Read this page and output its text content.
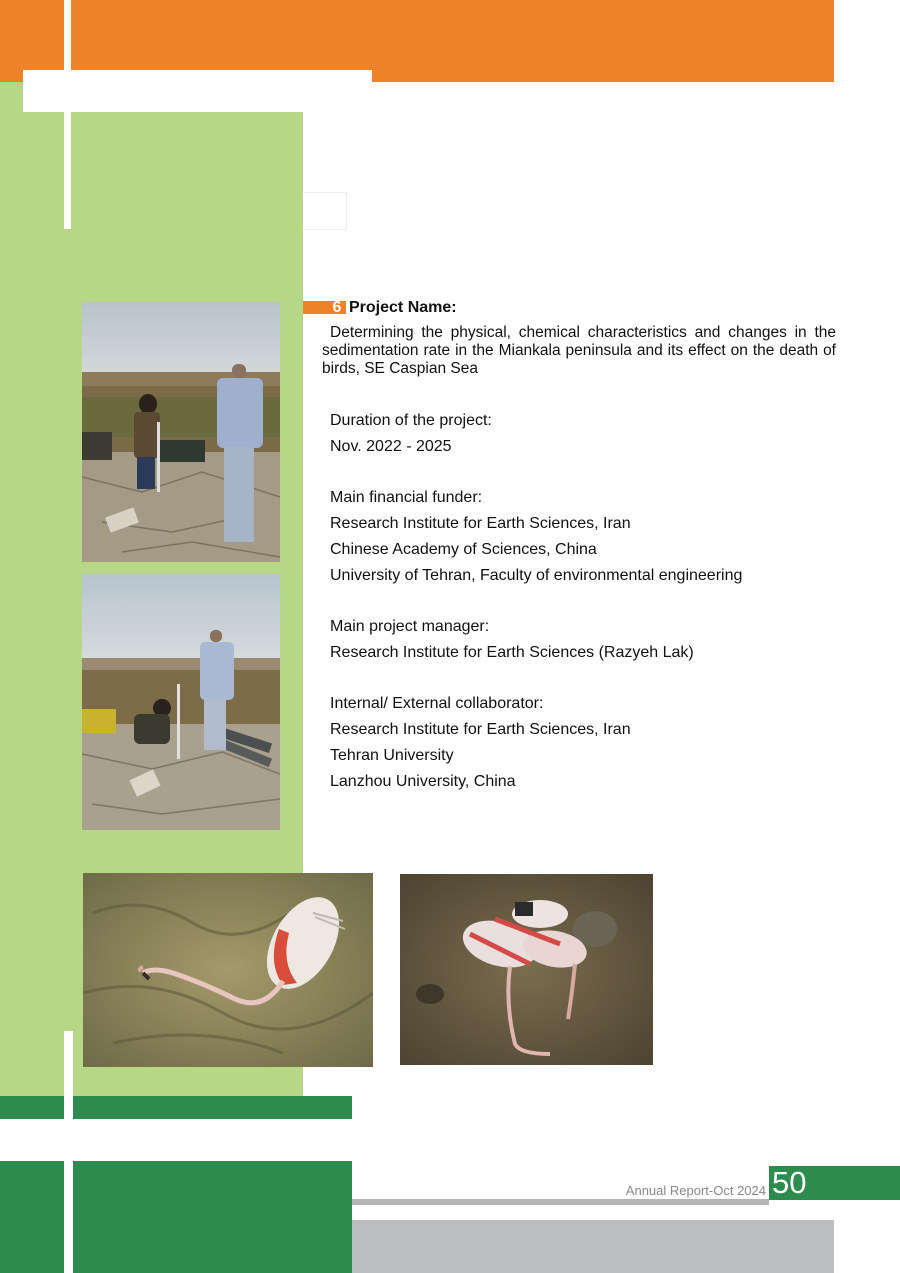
6 Project Name:
Determining the physical, chemical characteristics and changes in the sedimentation rate in the Miankala peninsula and its effect on the death of birds, SE Caspian Sea
Duration of the project:
Nov. 2022 - 2025
Main financial funder:
Research Institute for Earth Sciences, Iran
Chinese Academy of Sciences, China
University of Tehran, Faculty of environmental engineering
Main project manager:
Research Institute for Earth Sciences (Razyeh Lak)
Internal/ External collaborator:
Research Institute for Earth Sciences, Iran
Tehran University
Lanzhou University, China
Annual Report-Oct 2024 50
